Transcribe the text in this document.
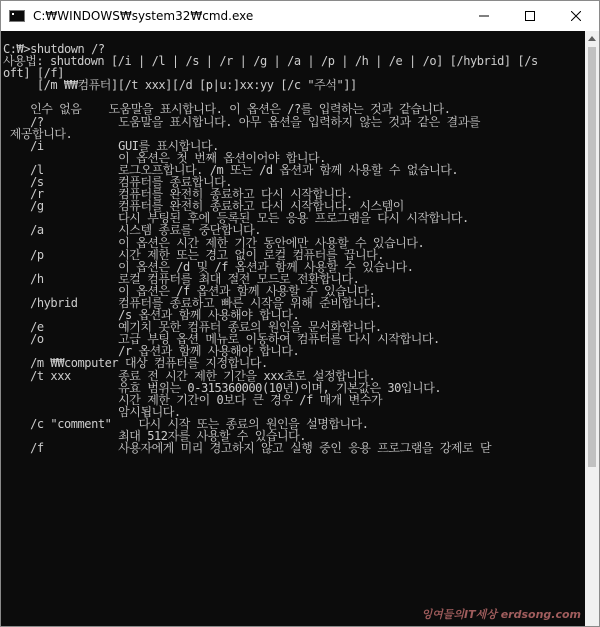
C:₩WINDOWS₩system32₩cmd.exe
C:₩>shutdown /?
사용법: shutdown [/i | /l | /s | /r | /g | /a | /p | /h | /e | /o] [/hybrid] [/s
oft] [/f]
[/m ₩₩컴퓨터][/t xxx][/d [p|u:]xx:yy [/c "주석"]]

인수 없음    도움말을 표시합니다. 이 옵션은 /?를 입력하는 것과 같습니다.
/?           도움말을 표시합니다. 아무 옵션을 입력하지 않는 것과 같은 결과를
제공합니다.
/i           GUI를 표시합니다.
이 옵션은 첫 번째 옵션이어야 합니다.
/l           로그오프합니다. /m 또는 /d 옵션과 함께 사용할 수 없습니다.
/s           컴퓨터를 종료합니다.
/r           컴퓨터를 완전히 종료하고 다시 시작합니다.
/g           컴퓨터를 완전히 종료하고 다시 시작합니다. 시스템이
다시 부팅된 후에 등록된 모든 응용 프로그램을 다시 시작합니다.
/a           시스템 종료를 중단합니다.
이 옵션은 시간 제한 기간 동안에만 사용할 수 있습니다.
/p           시간 제한 또는 경고 없이 로컬 컴퓨터를 끕니다.
이 옵션은 /d 및 /f 옵션과 함께 사용할 수 있습니다.
/h           로컬 컴퓨터를 최대 절전 모드로 전환합니다.
이 옵션은 /f 옵션과 함께 사용할 수 있습니다.
/hybrid      컴퓨터를 종료하고 빠른 시작을 위해 준비합니다.
/s 옵션과 함께 사용해야 합니다.
/e           예기치 못한 컴퓨터 종료의 원인을 문서화합니다.
/o           고급 부팅 옵션 메뉴로 이동하여 컴퓨터를 다시 시작합니다.
/r 옵션과 함께 사용해야 합니다.
/m ₩₩computer 대상 컴퓨터를 지정합니다.
/t xxx       종료 전 시간 제한 기간을 xxx초로 설정합니다.
유효 범위는 0-315360000(10년)이며, 기본값은 30입니다.
시간 제한 기간이 0보다 큰 경우 /f 매개 변수가
암시됩니다.
/c "comment"    다시 시작 또는 종료의 원인을 설명합니다.
최대 512자를 사용할 수 있습니다.
/f           사용자에게 미리 경고하지 않고 실행 중인 응용 프로그램을 강제로 닫
잉여들의IT세상 erdsong.com
